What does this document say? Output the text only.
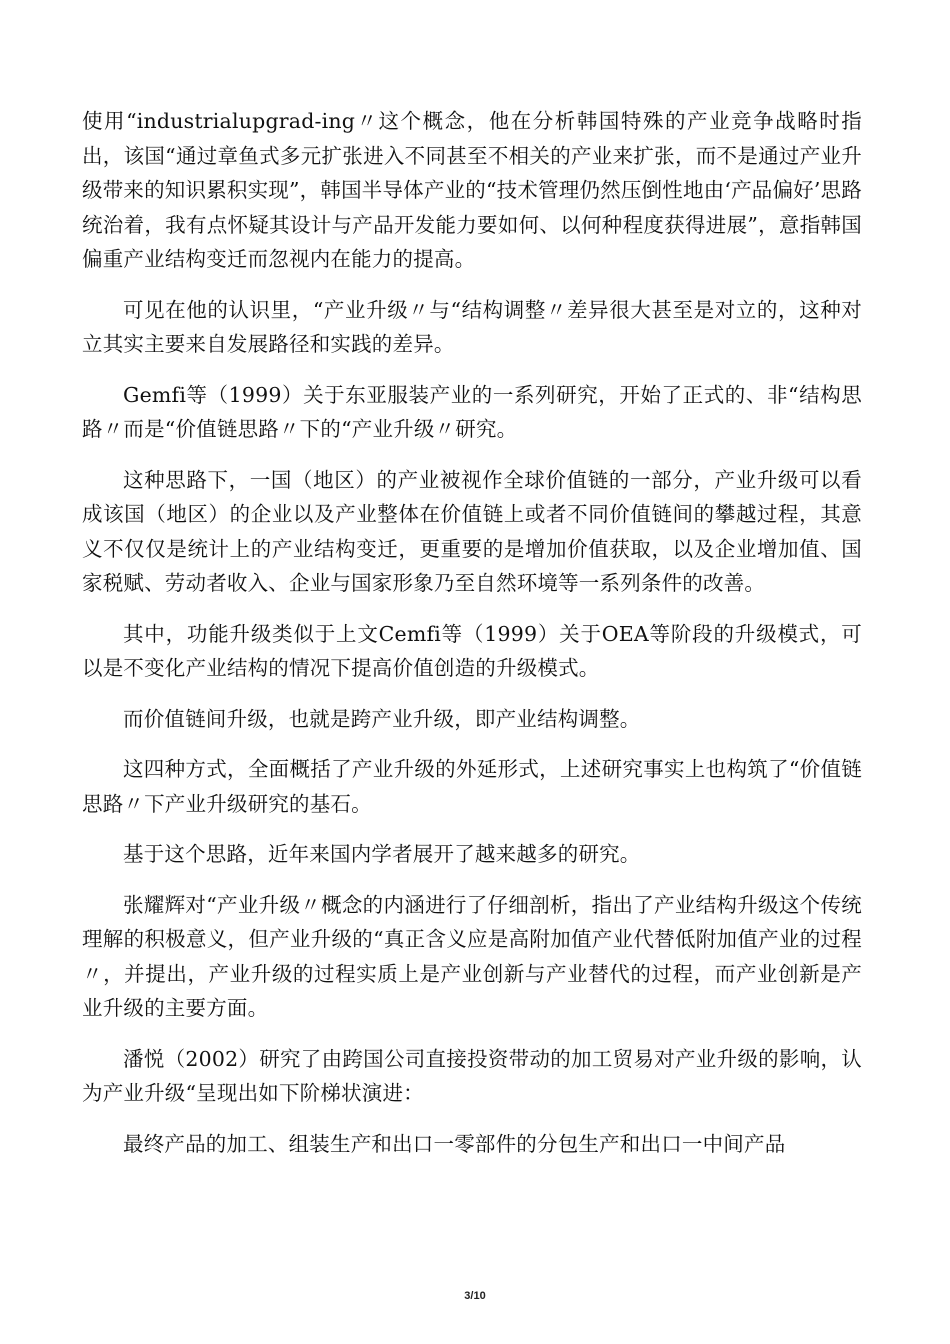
使用“industrialupgrad-ing〃这个概念，他在分析韩国特殊的产业竞争战略时指出，该国“通过章鱼式多元扩张进入不同甚至不相关的产业来扩张，而不是通过产业升级带来的知识累积实现”，韩国半导体产业的“技术管理仍然压倒性地由‘产品偏好’思路统治着，我有点怀疑其设计与产品开发能力要如何、以何种程度获得进展”，意指韩国偏重产业结构变迁而忽视内在能力的提高。

可见在他的认识里，“产业升级〃与“结构调整〃差异很大甚至是对立的，这种对立其实主要来自发展路径和实践的差异。

Gemfi等（1999）关于东亚服装产业的一系列研究，开始了正式的、非“结构思路〃而是“价值链思路〃下的“产业升级〃研究。

这种思路下，一国（地区）的产业被视作全球价值链的一部分，产业升级可以看成该国（地区）的企业以及产业整体在价值链上或者不同价值链间的攀越过程，其意义不仅仅是统计上的产业结构变迁，更重要的是增加价值获取，以及企业增加值、国家税赋、劳动者收入、企业与国家形象乃至自然环境等一系列条件的改善。

其中，功能升级类似于上文Cemfi等（1999）关于OEA等阶段的升级模式，可以是不变化产业结构的情况下提高价值创造的升级模式。

而价值链间升级，也就是跨产业升级，即产业结构调整。

这四种方式，全面概括了产业升级的外延形式，上述研究事实上也构筑了“价值链思路〃下产业升级研究的基石。

基于这个思路，近年来国内学者展开了越来越多的研究。

张耀辉对“产业升级〃概念的内涵进行了仔细剖析，指出了产业结构升级这个传统理解的积极意义，但产业升级的“真正含义应是高附加值产业代替低附加值产业的过程〃，并提出，产业升级的过程实质上是产业创新与产业替代的过程，而产业创新是产业升级的主要方面。

潘悦（2002）研究了由跨国公司直接投资带动的加工贸易对产业升级的影响，认为产业升级“呈现出如下阶梯状演进：

最终产品的加工、组装生产和出口一零部件的分包生产和出口一中间产品

3/10
